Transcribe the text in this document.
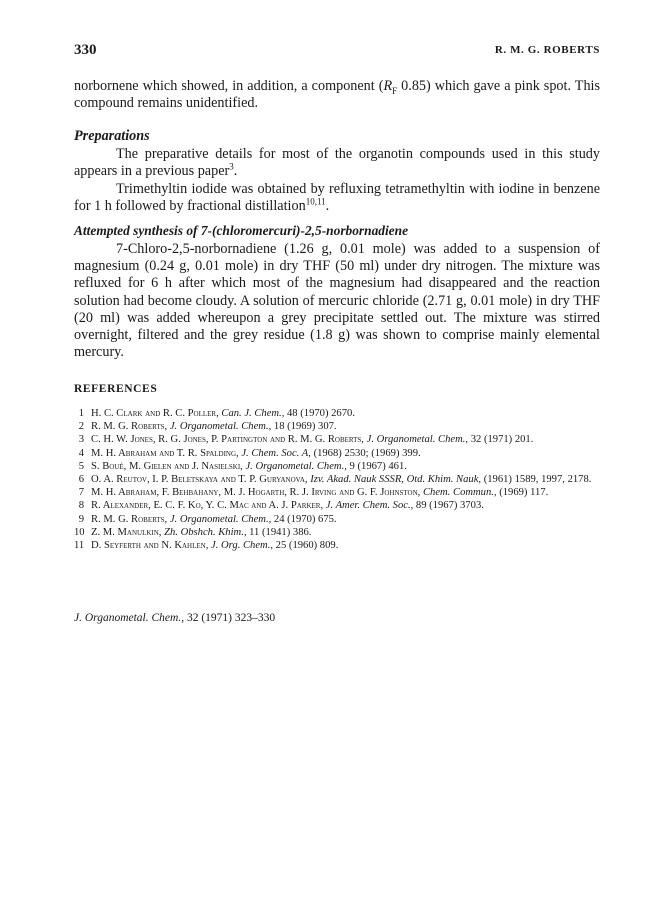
330	R. M. G. ROBERTS

norbornene which showed, in addition, a component ($R_F$ 0.85) which gave a pink spot. This compound remains unidentified.

Preparations

The preparative details for most of the organotin compounds used in this study appears in a previous paper$^3$.

Trimethyltin iodide was obtained by refluxing tetramethyltin with iodine in benzene for 1 h followed by fractional distillation$^{10,11}$.

Attempted synthesis of 7-(chloromercuri)-2,5-norbornadiene

7-Chloro-2,5-norbornadiene (1.26 g, 0.01 mole) was added to a suspension of magnesium (0.24 g, 0.01 mole) in dry THF (50 ml) under dry nitrogen. The mixture was refluxed for 6 h after which most of the magnesium had disappeared and the reaction solution had become cloudy. A solution of mercuric chloride (2.71 g, 0.01 mole) in dry THF (20 ml) was added whereupon a grey precipitate settled out. The mixture was stirred overnight, filtered and the grey residue (1.8 g) was shown to comprise mainly elemental mercury.

REFERENCES
1 H. C. Clark and R. C. Poller, Can. J. Chem., 48 (1970) 2670.
2 R. M. G. Roberts, J. Organometal. Chem., 18 (1969) 307.
3 C. H. W. Jones, R. G. Jones, P. Partington and R. M. G. Roberts, J. Organometal. Chem., 32 (1971) 201.
4 M. H. Abraham and T. R. Spalding, J. Chem. Soc. A, (1968) 2530; (1969) 399.
5 S. Boué, M. Gielen and J. Nasielski, J. Organometal. Chem., 9 (1967) 461.
6 O. A. Reutov, I. P. Beletskaya and T. P. Guryanova, Izv. Akad. Nauk SSSR, Otd. Khim. Nauk, (1961) 1589, 1997, 2178.
7 M. H. Abraham, F. Behbahany, M. J. Hogarth, R. J. Irving and G. F. Johnston, Chem. Commun., (1969) 117.
8 R. Alexander, E. C. F. Ko, Y. C. Mac and A. J. Parker, J. Amer. Chem. Soc., 89 (1967) 3703.
9 R. M. G. Roberts, J. Organometal. Chem., 24 (1970) 675.
10 Z. M. Manulkin, Zh. Obshch. Khim., 11 (1941) 386.
11 D. Seyferth and N. Kahlen, J. Org. Chem., 25 (1960) 809.

J. Organometal. Chem., 32 (1971) 323–330
